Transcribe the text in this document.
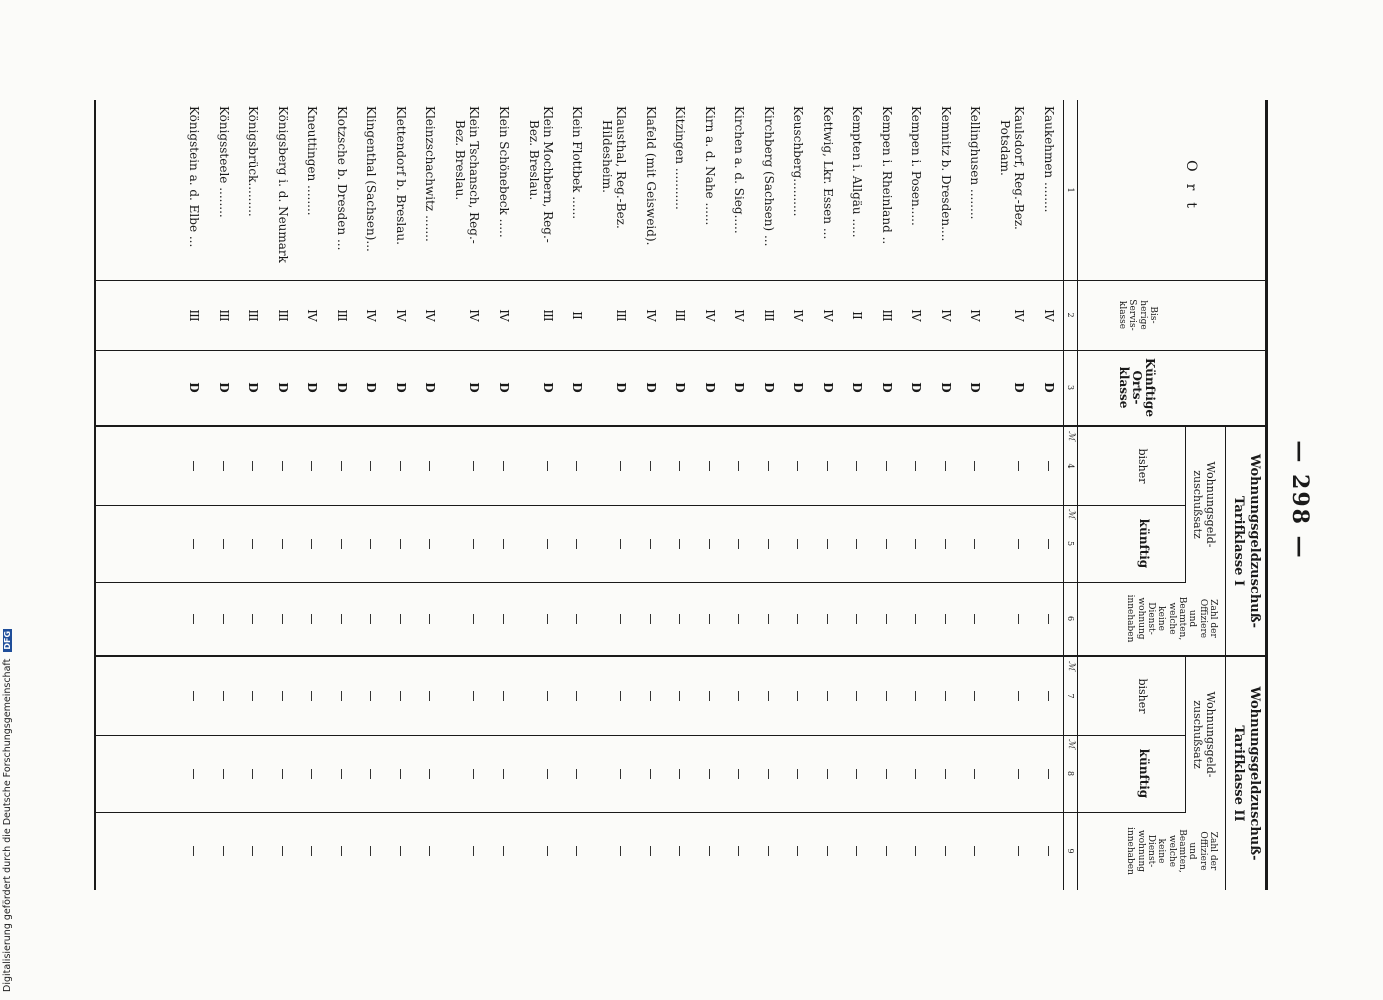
— 298 —
Ort
Bis-
herige
Servis-
klasse
Künftige
Orts-
klasse
Wohnungsgeldzuschuß-
Tarifklasse I
Wohnungsgeldzuschuß-
Tarifklasse II
Wohnungsgeld-
zuschußsatz
Wohnungsgeld-
zuschußsatz
bisher
künftig
bisher
künftig
Zahl der
Offiziere
und
Beamten,
welche
keine
Dienst-
wohnung
innehaben
Zahl der
Offiziere
und
Beamten,
welche
keine
Dienst-
wohnung
innehaben
ℳ
ℳ
ℳ
ℳ
1
2
3
4
5
6
7
8
9
Kaukehmen ........
IV
D
Kaulsdorf, Reg.-Bez.
Potsdam.
IV
D
Kellinghusen ........
IV
D
Kemnitz b. Dresden....
IV
D
Kempen i. Posen.....
IV
D
Kempen i. Rheinland ..
III
D
Kempten i. Allgäu .....
II
D
Kettwig, Lkr. Essen ...
IV
D
Keuschberg..........
IV
D
Kirchberg (Sachsen) ...
III
D
Kirchen a. d. Sieg.....
IV
D
Kirn a. d. Nahe ......
IV
D
Kitzingen ...........
III
D
Klafeld (mit Geisweid).
IV
D
Klausthal, Reg.-Bez.
Hildesheim.
III
D
Klein Flottbek ......
II
D
Klein Mochbern, Reg.-
Bez. Breslau.
III
D
Klein Schönebeck .....
IV
D
Klein Tschansch, Reg.-
Bez. Breslau.
IV
D
Kleinzschachwitz .......
IV
D
Klettendorf b. Breslau.
IV
D
Klingenthal (Sachsen)...
IV
D
Klotzsche b. Dresden ...
III
D
Kneuttingen ........
IV
D
Königsberg i. d. Neumark
III
D
Königsbrück.........
III
D
Königssteele ........
III
D
Königstein a. d. Elbe ...
III
D
Digitalisierung gefördert durch die Deutsche Forschungsgemeinschaft DFG
